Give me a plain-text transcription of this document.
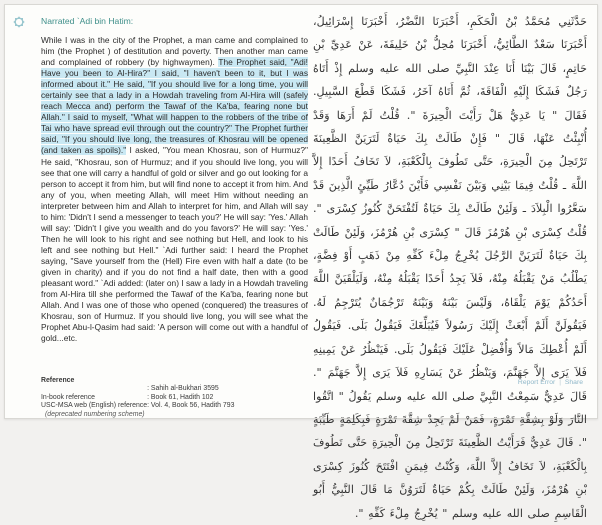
Narrated `Adi bin Hatim:
While I was in the city of the Prophet, a man came and complained to him (the Prophet ) of destitution and poverty. Then another man came and complained of robbery (by highwaymen). The Prophet said, "Adi! Have you been to Al-Hira?" I said, "I haven't been to it, but I was informed about it." He said, "If you should live for a long time, you will certainly see that a lady in a Howdah traveling from Al-Hira will (safely reach Mecca and) perform the Tawaf of the Ka'ba, fearing none but Allah." I said to myself, "What will happen to the robbers of the tribe of Tai who have spread evil through out the country?" The Prophet further said, "If you should live long, the treasures of Khosrau will be opened (and taken as spoils)." I asked, "You mean Khosrau, son of Hurmuz?" He said, "Khosrau, son of Hurmuz; and if you should live long, you will see that one will carry a handful of gold or silver and go out looking for a person to accept it from him, but will find none to accept it from him. And any of you, when meeting Allah, will meet Him without needing an interpreter between him and Allah to interpret for him, and Allah will say to him: 'Didn't I send a messenger to teach you?' He will say: 'Yes.' Allah will say: 'Didn't I give you wealth and do you favors?' He will say: 'Yes.' Then he will look to his right and see nothing but Hell, and look to his left and see nothing but Hell." `Adi further said: I heard the Prophet saying, "Save yourself from the (Hell) Fire even with half a date (to be given in charity) and if you do not find a half date, then with a good pleasant word." `Adi added: (later on) I saw a lady in a Howdah traveling from Al-Hira till she performed the Tawaf of the Ka'ba, fearing none but Allah. And I was one of those who opened (conquered) the treasures of Khosrau, son of Hurmuz. If you should live long, you will see what the Prophet Abu-l-Qasim had said: 'A person will come out with a handful of gold...etc.
حَدَّثَنِي مُحَمَّدُ بْنُ الْحَكَمِ، أَخْبَرَنَا النَّضْرُ، أَخْبَرَنَا إِسْرَائِيلُ، أَخْبَرَنَا سَعْدٌ الطَّائِيُّ، أَخْبَرَنَا مُحِلُّ بْنُ خَلِيفَةَ، عَنْ عَدِيِّ بْنِ حَاتِمٍ، قَالَ بَيْنَا أَنَا عِنْدَ النَّبِيِّ صلى الله عليه وسلم إِذْ أَتَاهُ رَجُلٌ فَشَكَا إِلَيْهِ الْفَاقَةَ، ثُمَّ أَتَاهُ آخَرُ، فَشَكَا قَطْعَ السَّبِيلِ‏.‏ فَقَالَ ‏"‏ يَا عَدِيُّ هَلْ رَأَيْتَ الْحِيرَةَ ‏"‏‏.‏ قُلْتُ لَمْ أَرَهَا وَقَدْ أُنْبِئْتُ عَنْهَا، قَالَ ‏"‏ فَإِنْ طَالَتْ بِكَ حَيَاةٌ لَتَرَيَنَّ الظَّعِينَةَ تَرْتَحِلُ مِنَ الْحِيرَةِ، حَتَّى تَطُوفَ بِالْكَعْبَةِ، لاَ تَخَافُ أَحَدًا إِلاَّ اللَّهَ ـ قُلْتُ فِيمَا بَيْنِي وَبَيْنَ نَفْسِي فَأَيْنَ دُعَّارُ طَيِّئٍ الَّذِينَ قَدْ سَعَّرُوا الْبِلاَدَ ـ وَلَئِنْ طَالَتْ بِكَ حَيَاةٌ لَتُفْتَحَنَّ كُنُوزُ كِسْرَى ‏"‏‏.‏ قُلْتُ كِسْرَى بْنِ هُرْمُزَ قَالَ ‏"‏ كِسْرَى بْنِ هُرْمُزَ، وَلَئِنْ طَالَتْ بِكَ حَيَاةٌ لَتَرَيَنَّ الرَّجُلَ يُخْرِجُ مِلْءَ كَفِّهِ مِنْ ذَهَبٍ أَوْ فِضَّةٍ، يَطْلُبُ مَنْ يَقْبَلُهُ مِنْهُ، فَلاَ يَجِدُ أَحَدًا يَقْبَلُهُ مِنْهُ، وَلَيَلْقَيَنَّ اللَّهَ أَحَدُكُمْ يَوْمَ يَلْقَاهُ، وَلَيْسَ بَيْنَهُ وَبَيْنَهُ تَرْجُمَانٌ يُتَرْجِمُ لَهُ‏.‏ فَيَقُولَنَّ أَلَمْ أَبْعَثْ إِلَيْكَ رَسُولاً فَيُبَلِّغَكَ فَيَقُولُ بَلَى‏.‏ فَيَقُولُ أَلَمْ أُعْطِكَ مَالاً وَأُفْضِلْ عَلَيْكَ فَيَقُولُ بَلَى‏.‏ فَيَنْظُرُ عَنْ يَمِينِهِ فَلاَ يَرَى إِلاَّ جَهَنَّمَ، وَيَنْظُرُ عَنْ يَسَارِهِ فَلاَ يَرَى إِلاَّ جَهَنَّمَ ‏"‏‏.‏ قَالَ عَدِيٌّ سَمِعْتُ النَّبِيَّ صلى الله عليه وسلم يَقُولُ ‏"‏ اتَّقُوا النَّارَ وَلَوْ بِشِقَّةِ تَمْرَةٍ، فَمَنْ لَمْ يَجِدْ شِقَّةَ تَمْرَةٍ فَبِكَلِمَةٍ طَيِّبَةٍ ‏"‏‏.‏ قَالَ عَدِيٌّ فَرَأَيْتُ الظَّعِينَةَ تَرْتَحِلُ مِنَ الْحِيرَةِ حَتَّى تَطُوفَ بِالْكَعْبَةِ، لاَ تَخَافُ إِلاَّ اللَّهَ، وَكُنْتُ فِيمَنِ افْتَتَحَ كُنُوزَ كِسْرَى بْنِ هُرْمُزَ، وَلَئِنْ طَالَتْ بِكُمْ حَيَاةٌ لَتَرَوُنَّ مَا قَالَ النَّبِيُّ أَبُو الْقَاسِمِ صلى الله عليه وسلم ‏"‏ يُخْرِجُ مِلْءَ كَفِّهِ ‏"‏‏.‏
Reference
	: Sahih al-Bukhari 3595
In-book reference	: Book 61, Hadith 102
USC-MSA web (English) reference	: Vol. 4, Book 56, Hadith 793
(deprecated numbering scheme)
Report Error | Share
